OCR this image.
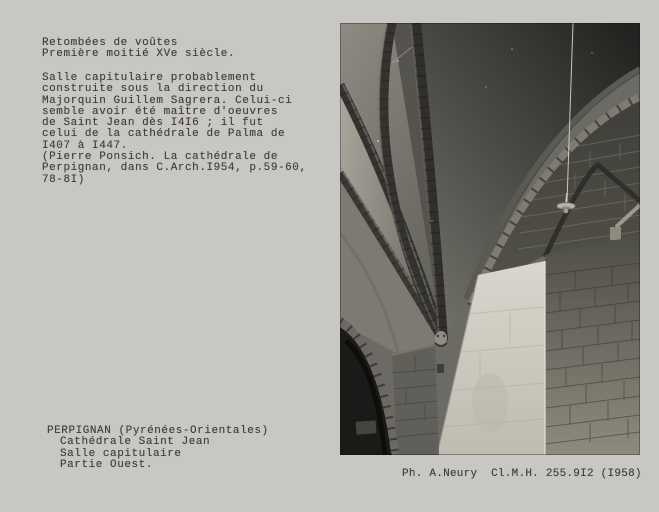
Retombées de voûtes
Première moitié XVe siècle.
Salle capitulaire probablement
construite sous la direction du
Majorquin Guillem Sagrera. Celui-ci
semble avoir été maître d'oeuvres
de Saint Jean dès I4I6 ; il fut
celui de la cathédrale de Palma de
I407 à I447.
(Pierre Ponsich. La cathédrale de
Perpignan, dans C.Arch.I954, p.59-60,
78-8I)
PERPIGNAN (Pyrénées-Orientales)
Cathédrale Saint Jean
Salle capitulaire
Partie Ouest.
Ph. A.Neury  Cl.M.H. 255.9I2 (I958)
